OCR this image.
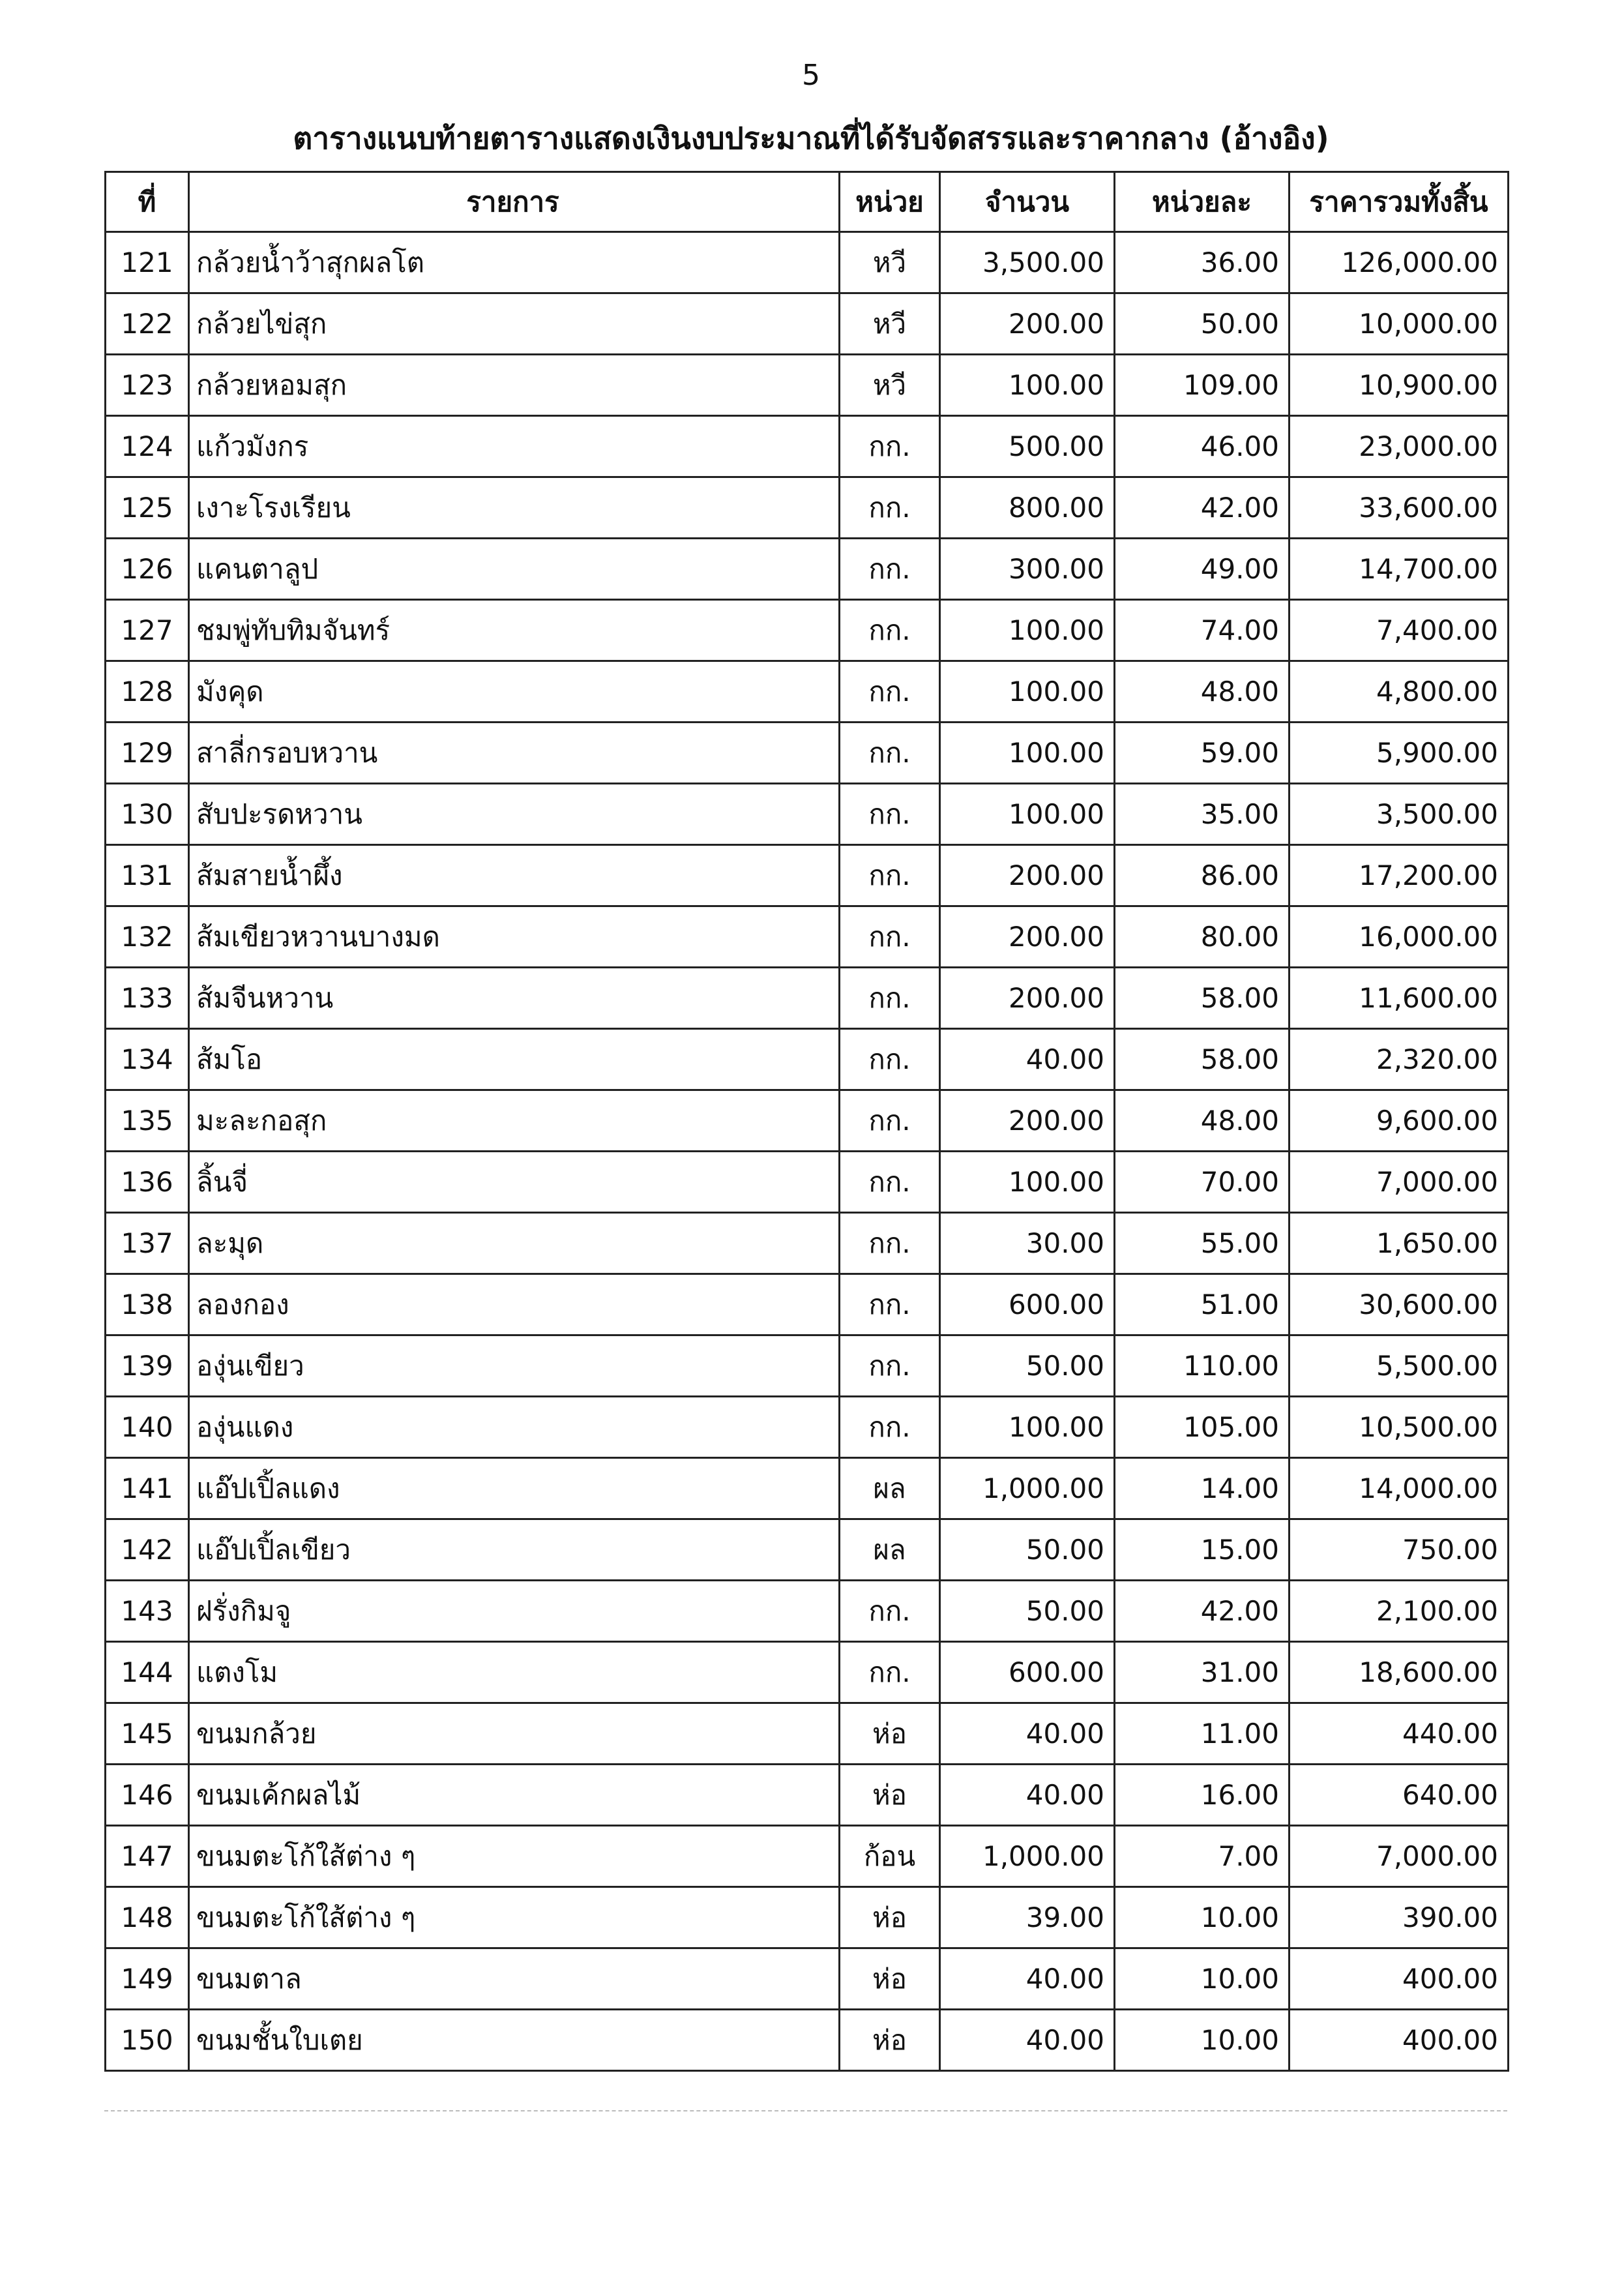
5
ตารางแนบท้ายตารางแสดงเงินงบประมาณที่ได้รับจัดสรรและราคากลาง (อ้างอิง)
ที่	รายการ	หน่วย	จำนวน	หน่วยละ	ราคารวมทั้งสิ้น
121	กล้วยน้ำว้าสุกผลโต	หวี	3,500.00	36.00	126,000.00
122	กล้วยไข่สุก	หวี	200.00	50.00	10,000.00
123	กล้วยหอมสุก	หวี	100.00	109.00	10,900.00
124	แก้วมังกร	กก.	500.00	46.00	23,000.00
125	เงาะโรงเรียน	กก.	800.00	42.00	33,600.00
126	แคนตาลูป	กก.	300.00	49.00	14,700.00
127	ชมพู่ทับทิมจันทร์	กก.	100.00	74.00	7,400.00
128	มังคุด	กก.	100.00	48.00	4,800.00
129	สาลี่กรอบหวาน	กก.	100.00	59.00	5,900.00
130	สับปะรดหวาน	กก.	100.00	35.00	3,500.00
131	ส้มสายน้ำผึ้ง	กก.	200.00	86.00	17,200.00
132	ส้มเขียวหวานบางมด	กก.	200.00	80.00	16,000.00
133	ส้มจีนหวาน	กก.	200.00	58.00	11,600.00
134	ส้มโอ	กก.	40.00	58.00	2,320.00
135	มะละกอสุก	กก.	200.00	48.00	9,600.00
136	ลิ้นจี่	กก.	100.00	70.00	7,000.00
137	ละมุด	กก.	30.00	55.00	1,650.00
138	ลองกอง	กก.	600.00	51.00	30,600.00
139	องุ่นเขียว	กก.	50.00	110.00	5,500.00
140	องุ่นแดง	กก.	100.00	105.00	10,500.00
141	แอ๊ปเปิ้ลแดง	ผล	1,000.00	14.00	14,000.00
142	แอ๊ปเปิ้ลเขียว	ผล	50.00	15.00	750.00
143	ฝรั่งกิมจู	กก.	50.00	42.00	2,100.00
144	แตงโม	กก.	600.00	31.00	18,600.00
145	ขนมกล้วย	ห่อ	40.00	11.00	440.00
146	ขนมเค้กผลไม้	ห่อ	40.00	16.00	640.00
147	ขนมตะโก้ใส้ต่าง ๆ	ก้อน	1,000.00	7.00	7,000.00
148	ขนมตะโก้ใส้ต่าง ๆ	ห่อ	39.00	10.00	390.00
149	ขนมตาล	ห่อ	40.00	10.00	400.00
150	ขนมชั้นใบเตย	ห่อ	40.00	10.00	400.00
